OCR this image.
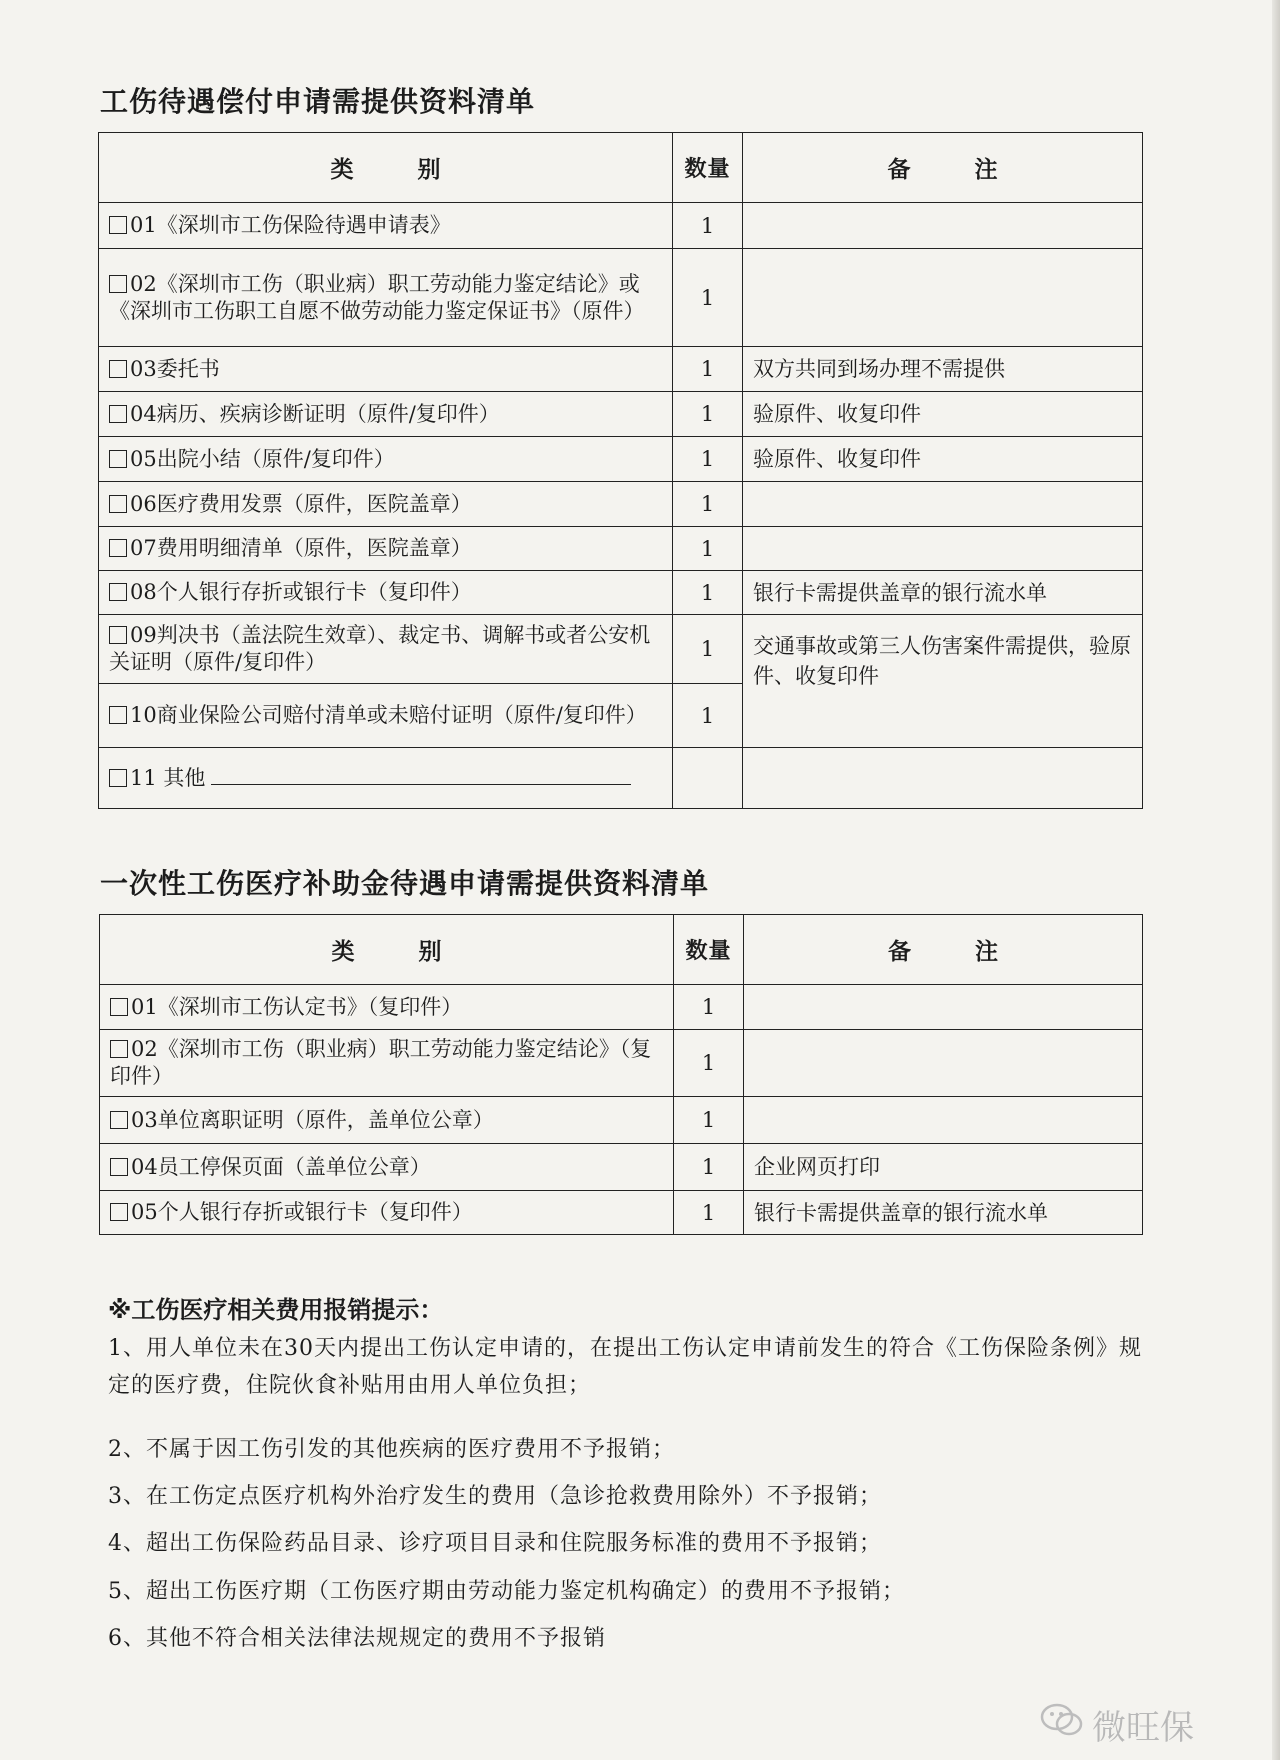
工伤待遇偿付申请需提供资料清单
类 别	数量	备 注
01《深圳市工伤保险待遇申请表》	1	
02《深圳市工伤（职业病）职工劳动能力鉴定结论》或《深圳市工伤职工自愿不做劳动能力鉴定保证书》（原件）	1	
03委托书	1	双方共同到场办理不需提供
04病历、疾病诊断证明（原件/复印件）	1	验原件、收复印件
05出院小结（原件/复印件）	1	验原件、收复印件
06医疗费用发票（原件，医院盖章）	1	
07费用明细清单（原件，医院盖章）	1	
08个人银行存折或银行卡（复印件）	1	银行卡需提供盖章的银行流水单
09判决书（盖法院生效章）、裁定书、调解书或者公安机关证明（原件/复印件）	1	交通事故或第三人伤害案件需提供，验原件、收复印件
10商业保险公司赔付清单或未赔付证明（原件/复印件）	1	
11 其他		
一次性工伤医疗补助金待遇申请需提供资料清单
类 别	数量	备 注
01《深圳市工伤认定书》（复印件）	1	
02《深圳市工伤（职业病）职工劳动能力鉴定结论》（复印件）	1	
03单位离职证明（原件，盖单位公章）	1	
04员工停保页面（盖单位公章）	1	企业网页打印
05个人银行存折或银行卡（复印件）	1	银行卡需提供盖章的银行流水单
※工伤医疗相关费用报销提示：
1、用人单位未在30天内提出工伤认定申请的，在提出工伤认定申请前发生的符合《工伤保险条例》规定的医疗费，住院伙食补贴用由用人单位负担；
2、不属于因工伤引发的其他疾病的医疗费用不予报销；
3、在工伤定点医疗机构外治疗发生的费用（急诊抢救费用除外）不予报销；
4、超出工伤保险药品目录、诊疗项目目录和住院服务标准的费用不予报销；
5、超出工伤医疗期（工伤医疗期由劳动能力鉴定机构确定）的费用不予报销；
6、其他不符合相关法律法规规定的费用不予报销
微旺保
